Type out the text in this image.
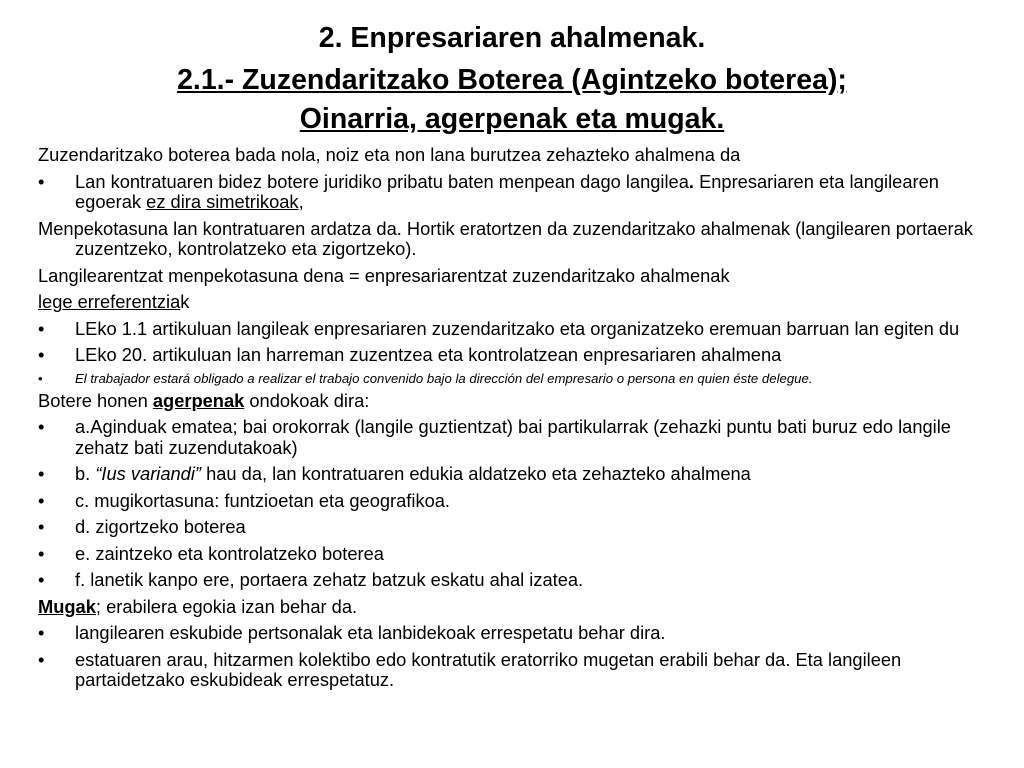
2. Enpresariaren ahalmenak.
2.1.- Zuzendaritzako Boterea (Agintzeko boterea);
Oinarria, agerpenak eta mugak.

Zuzendaritzako boterea bada nola, noiz eta non lana burutzea zehazteko ahalmena da

• Lan kontratuaren bidez botere juridiko pribatu baten menpean dago langilea. Enpresariaren eta langilearen egoerak ez dira simetrikoak,

Menpekotasuna lan kontratuaren ardatza da. Hortik eratortzen da zuzendaritzako ahalmenak (langilearen portaerak zuzentzeko, kontrolatzeko eta zigortzeko).

Langilearentzat menpekotasuna dena = enpresariarentzat zuzendaritzako ahalmenak

lege erreferentziak

• LEko 1.1 artikuluan langileak enpresariaren zuzendaritzako eta organizatzeko eremuan barruan lan egiten du
• LEko 20. artikuluan lan harreman zuzentzea eta kontrolatzean enpresariaren ahalmena
• El trabajador estará obligado a realizar el trabajo convenido bajo la dirección del empresario o persona en quien éste delegue.

Botere honen agerpenak ondokoak dira:

• a.Aginduak ematea; bai orokorrak (langile guztientzat) bai partikularrak (zehazki puntu bati buruz edo langile zehatz bati zuzendutakoak)
• b. “Ius variandi” hau da, lan kontratuaren edukia aldatzeko eta zehazteko ahalmena
• c. mugikortasuna: funtzioetan eta geografikoa.
• d. zigortzeko boterea
• e. zaintzeko eta kontrolatzeko boterea
• f. lanetik kanpo ere, portaera zehatz batzuk eskatu ahal izatea.

Mugak; erabilera egokia izan behar da.

• langilearen eskubide pertsonalak eta lanbidekoak errespetatu behar dira.
• estatuaren arau, hitzarmen kolektibo edo kontratutik eratorriko mugetan erabili behar da. Eta langileen partaidetzako eskubideak errespetatuz.
